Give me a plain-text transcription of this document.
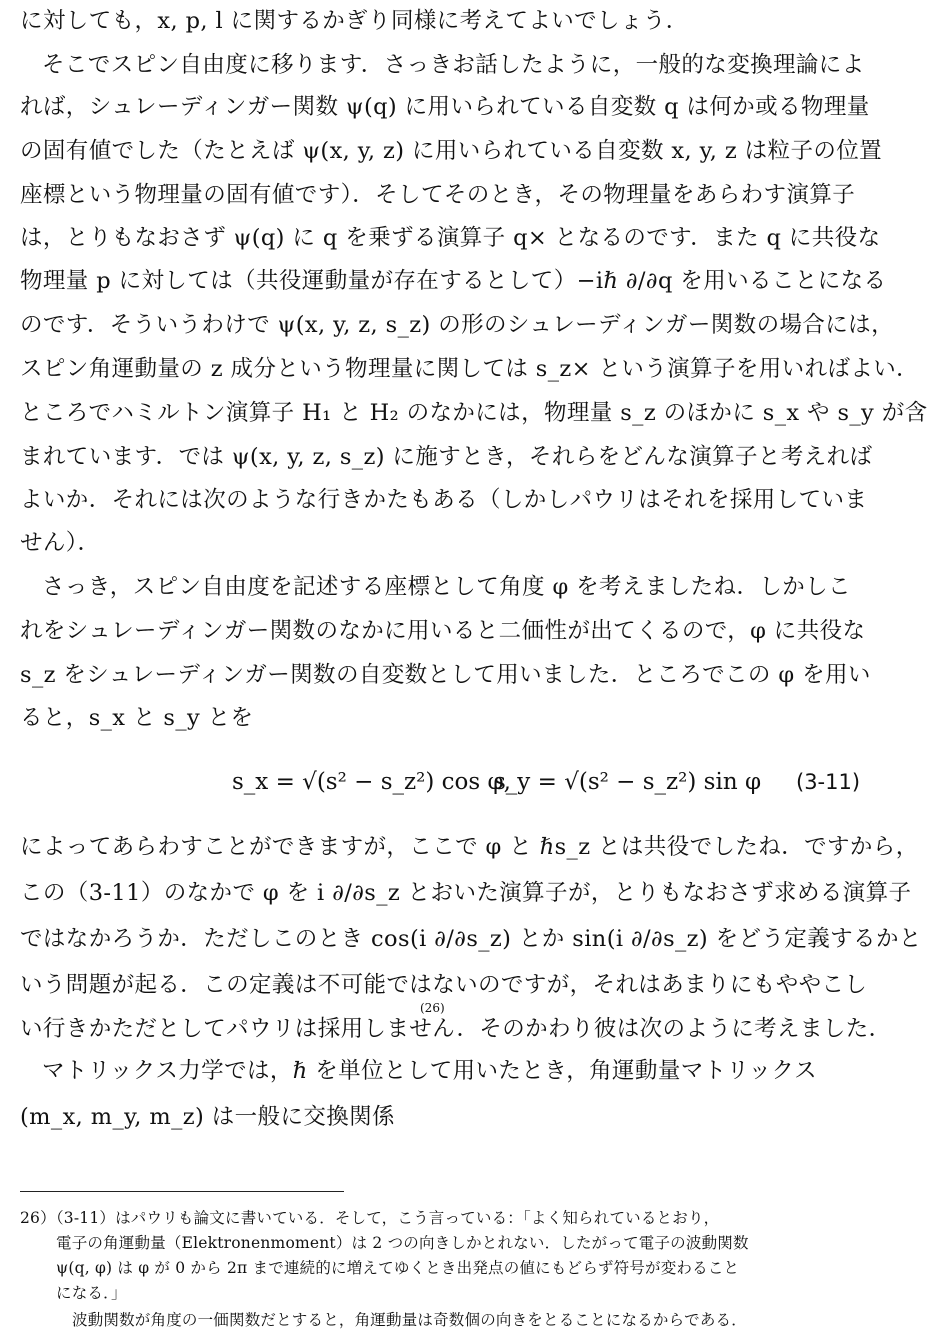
に対しても，x, p, l に関するかぎり同様に考えてよいでしょう．
そこでスピン自由度に移ります．さっきお話したように，一般的な変換理論によ
れば，シュレーディンガー関数 ψ(q) に用いられている自変数 q は何か或る物理量
の固有値でした（たとえば ψ(x, y, z) に用いられている自変数 x, y, z は粒子の位置
座標という物理量の固有値です）．そしてそのとき，その物理量をあらわす演算子
は，とりもなおさず ψ(q) に q を乗ずる演算子 q× となるのです．また q に共役な
物理量 p に対しては（共役運動量が存在するとして）−iℏ ∂/∂q を用いることになる
のです．そういうわけで ψ(x, y, z, s_z) の形のシュレーディンガー関数の場合には，
スピン角運動量の z 成分という物理量に関しては s_z× という演算子を用いればよい．
ところでハミルトン演算子 H₁ と H₂ のなかには，物理量 s_z のほかに s_x や s_y が含
まれています．では ψ(x, y, z, s_z) に施すとき，それらをどんな演算子と考えれば
よいか．それには次のような行きかたもある（しかしパウリはそれを採用していま
せん）．
さっき，スピン自由度を記述する座標として角度 φ を考えましたね．しかしこ
れをシュレーディンガー関数のなかに用いると二価性が出てくるので，φ に共役な
s_z をシュレーディンガー関数の自変数として用いました．ところでこの φ を用い
ると，s_x と s_y とを
s_x = √(s² − s_z²) cos φ,
s_y = √(s² − s_z²) sin φ (3-11)
によってあらわすことができますが，ここで φ と ℏs_z とは共役でしたね．ですから，
この（3-11）のなかで φ を i ∂/∂s_z とおいた演算子が，とりもなおさず求める演算子
ではなかろうか．ただしこのとき cos(i ∂/∂s_z) とか sin(i ∂/∂s_z) をどう定義するかと
いう問題が起る．この定義は不可能ではないのですが，それはあまりにもややこし
い行きかただとしてパウリは採用しません．そのかわり彼は次のように考えました．
マトリックス力学では，ℏ を単位として用いたとき，角運動量マトリックス
(m_x, m_y, m_z) は一般に交換関係
(26)
26）（3-11）はパウリも論文に書いている．そして，こう言っている：「よく知られているとおり，
電子の角運動量（Elektronenmoment）は 2 つの向きしかとれない．したがって電子の波動関数
ψ(q, φ) は φ が 0 から 2π まで連続的に増えてゆくとき出発点の値にもどらず符号が変わること
になる．」
波動関数が角度の一価関数だとすると，角運動量は奇数個の向きをとることになるからである．
